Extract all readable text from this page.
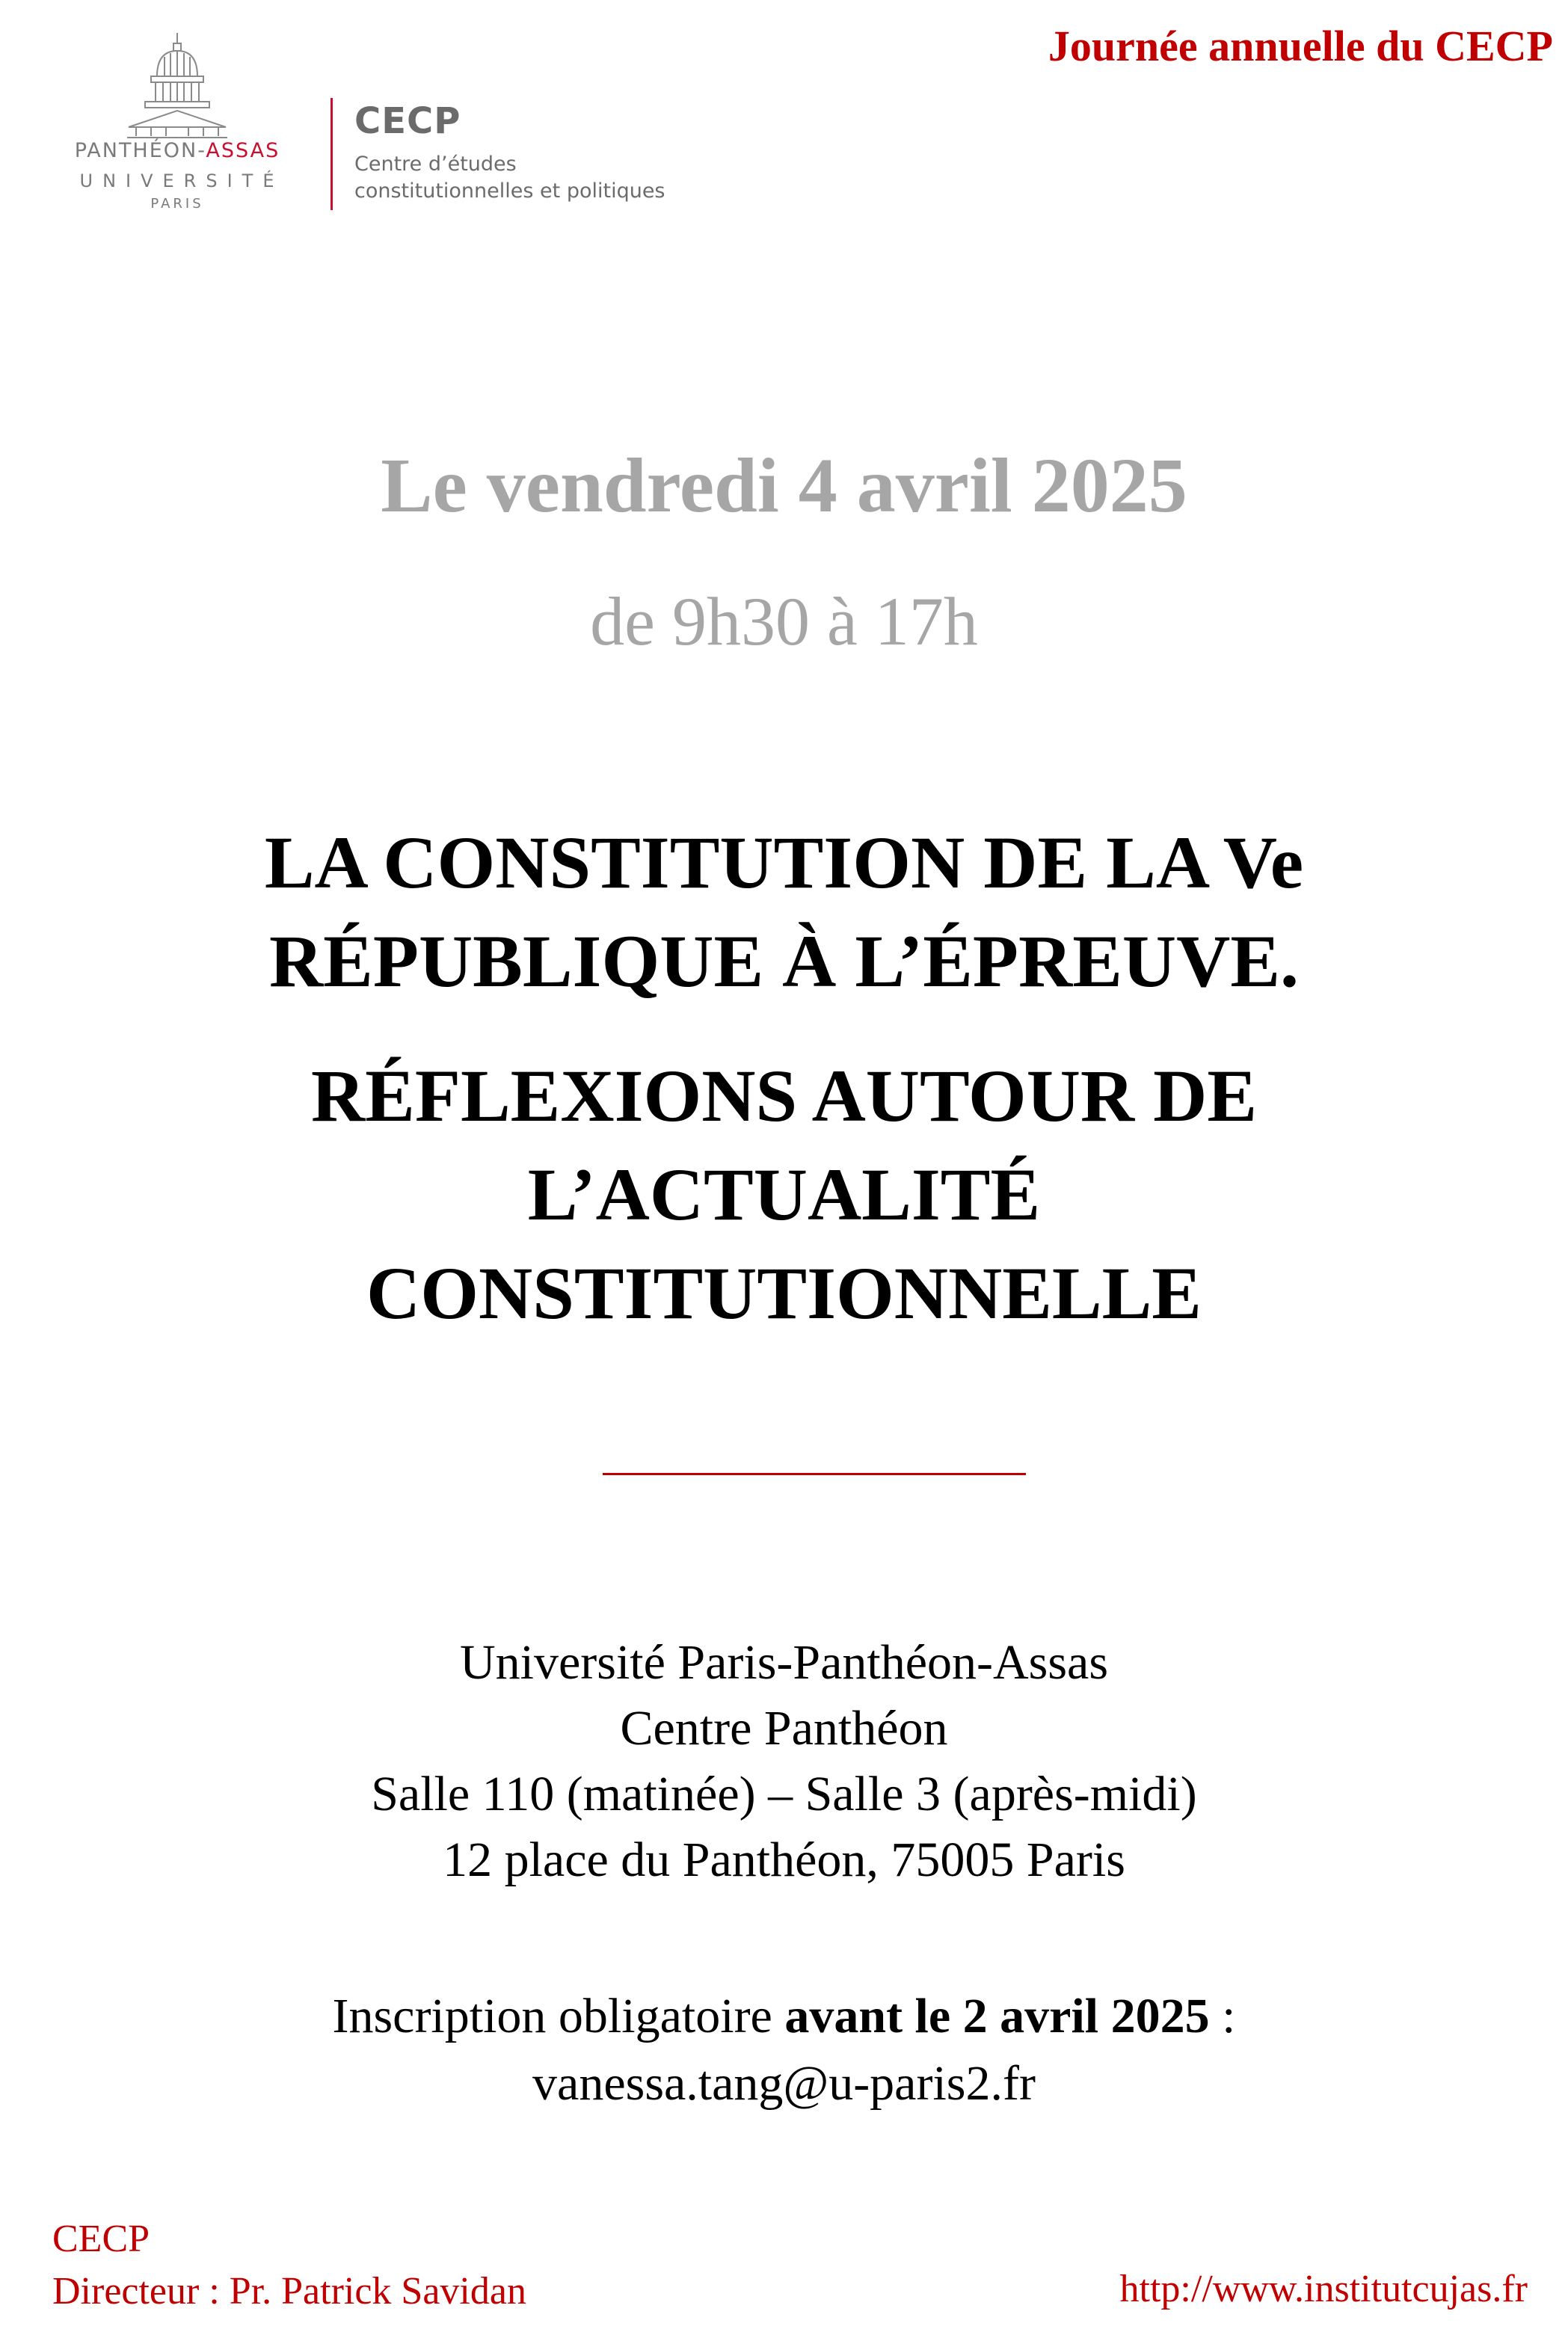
PANTHÉON-ASSAS
UNIVERSITÉ
PARIS
CECP
Centre d’études
constitutionnelles et politiques
Journée annuelle du CECP
Le vendredi 4 avril 2025
de 9h30 à 17h
LA CONSTITUTION DE LA Ve
RÉPUBLIQUE À L’ÉPREUVE.
RÉFLEXIONS AUTOUR DE
L’ACTUALITÉ
CONSTITUTIONNELLE
Université Paris-Panthéon-Assas
Centre Panthéon
Salle 110 (matinée) – Salle 3 (après-midi)
12 place du Panthéon, 75005 Paris
Inscription obligatoire avant le 2 avril 2025 :
vanessa.tang@u-paris2.fr
CECP
Directeur : Pr. Patrick Savidan	http://www.institutcujas.fr
